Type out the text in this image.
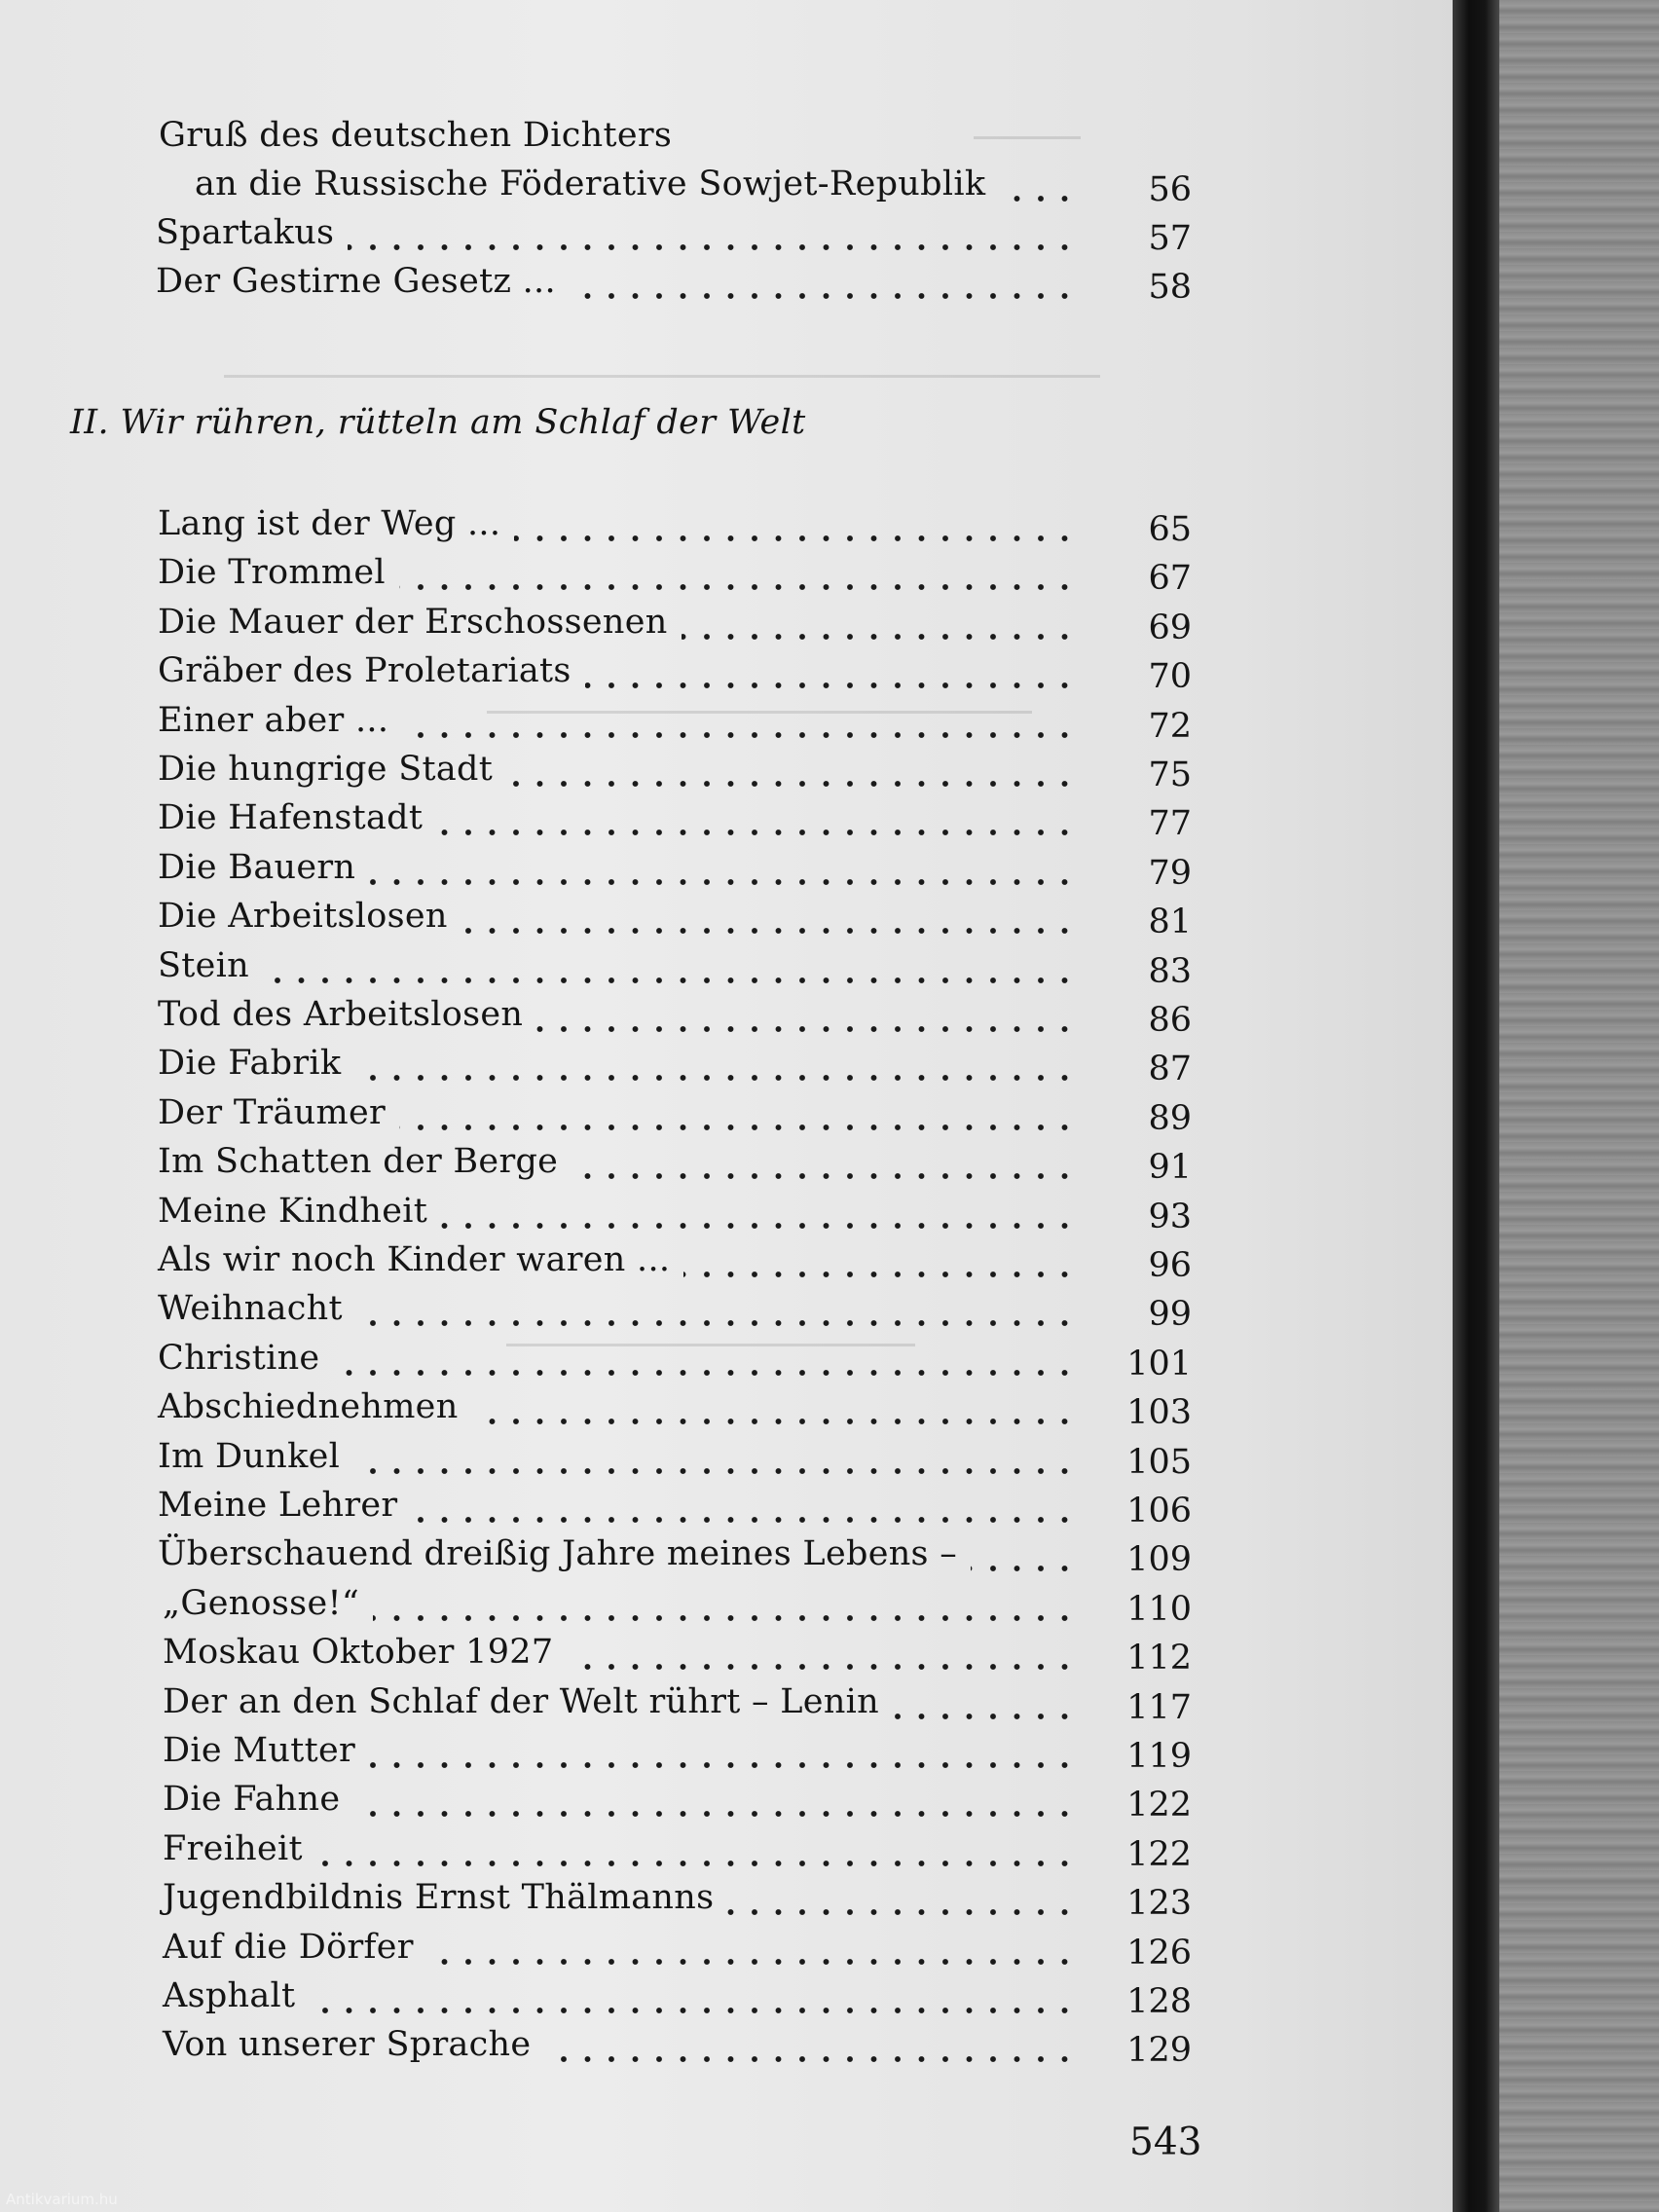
Gruß des deutschen Dichters
an die Russische Föderative Sowjet-Republik	56
Spartakus	57
Der Gestirne Gesetz ...	58
Lang ist der Weg ...	65
Die Trommel	67
Die Mauer der Erschossenen	69
Gräber des Proletariats	70
Einer aber ...	72
Die hungrige Stadt	75
Die Hafenstadt	77
Die Bauern	79
Die Arbeitslosen	81
Stein	83
Tod des Arbeitslosen	86
Die Fabrik	87
Der Träumer	89
Im Schatten der Berge	91
Meine Kindheit	93
Als wir noch Kinder waren ...	96
Weihnacht	99
Christine	101
Abschiednehmen	103
Im Dunkel	105
Meine Lehrer	106
Überschauend dreißig Jahre meines Lebens –	109
„Genosse!“	110
Moskau Oktober 1927	112
Der an den Schlaf der Welt rührt – Lenin	117
Die Mutter	119
Die Fahne	122
Freiheit	122
Jugendbildnis Ernst Thälmanns	123
Auf die Dörfer	126
Asphalt	128
Von unserer Sprache	129
II. Wir rühren, rütteln am Schlaf der Welt
543
Antikvarium.hu
